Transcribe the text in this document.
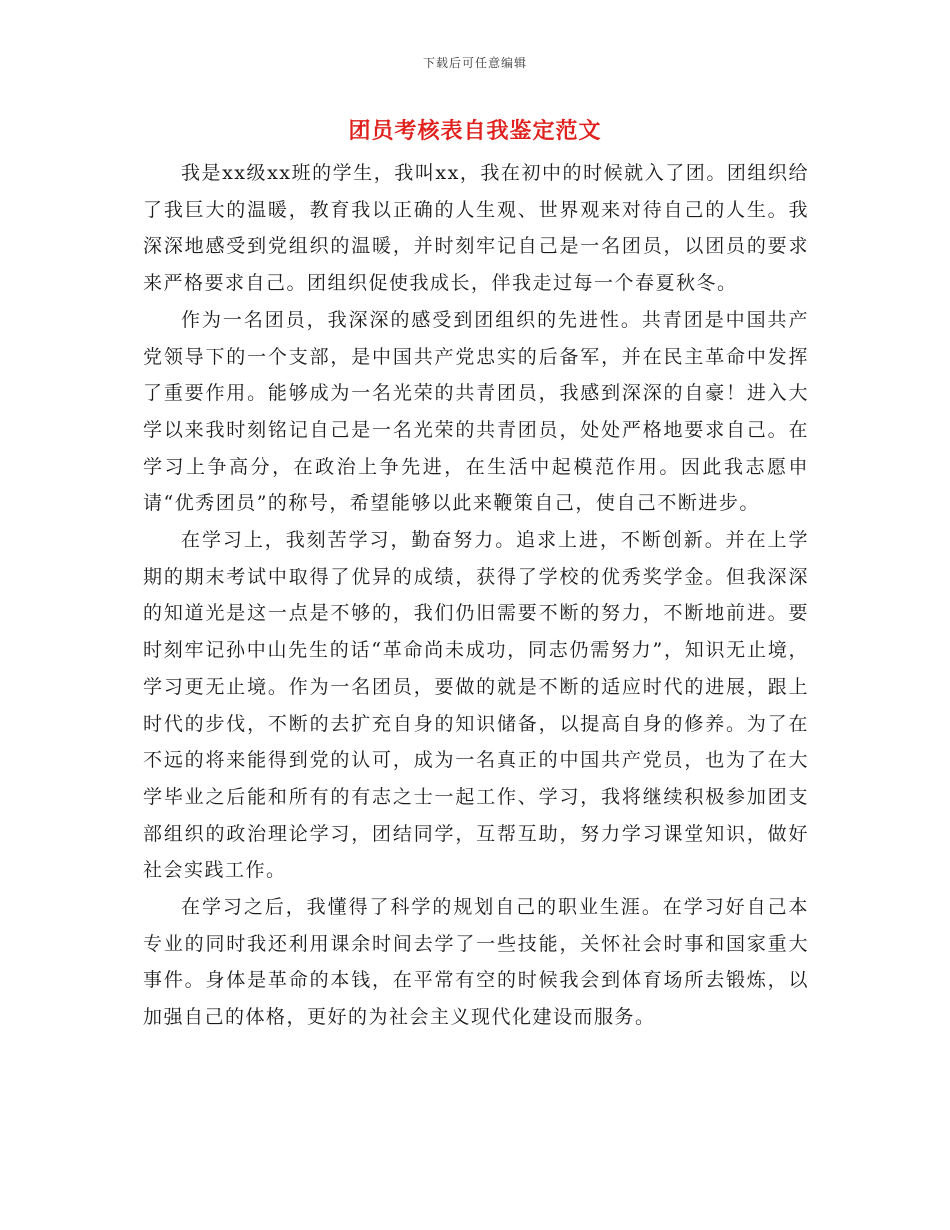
下载后可任意编辑
团员考核表自我鉴定范文

我是xx级xx班的学生，我叫xx，我在初中的时候就入了团。团组织给了我巨大的温暖，教育我以正确的人生观、世界观来对待自己的人生。我深深地感受到党组织的温暖，并时刻牢记自己是一名团员，以团员的要求来严格要求自己。团组织促使我成长，伴我走过每一个春夏秋冬。

作为一名团员，我深深的感受到团组织的先进性。共青团是中国共产党领导下的一个支部，是中国共产党忠实的后备军，并在民主革命中发挥了重要作用。能够成为一名光荣的共青团员，我感到深深的自豪！进入大学以来我时刻铭记自己是一名光荣的共青团员，处处严格地要求自己。在学习上争高分，在政治上争先进，在生活中起模范作用。因此我志愿申请“优秀团员”的称号，希望能够以此来鞭策自己，使自己不断进步。

在学习上，我刻苦学习，勤奋努力。追求上进，不断创新。并在上学期的期末考试中取得了优异的成绩，获得了学校的优秀奖学金。但我深深的知道光是这一点是不够的，我们仍旧需要不断的努力，不断地前进。要时刻牢记孙中山先生的话“革命尚未成功，同志仍需努力”，知识无止境，学习更无止境。作为一名团员，要做的就是不断的适应时代的进展，跟上时代的步伐，不断的去扩充自身的知识储备，以提高自身的修养。为了在不远的将来能得到党的认可，成为一名真正的中国共产党员，也为了在大学毕业之后能和所有的有志之士一起工作、学习，我将继续积极参加团支部组织的政治理论学习，团结同学，互帮互助，努力学习课堂知识，做好社会实践工作。

在学习之后，我懂得了科学的规划自己的职业生涯。在学习好自己本专业的同时我还利用课余时间去学了一些技能，关怀社会时事和国家重大事件。身体是革命的本钱，在平常有空的时候我会到体育场所去锻炼，以加强自己的体格，更好的为社会主义现代化建设而服务。
